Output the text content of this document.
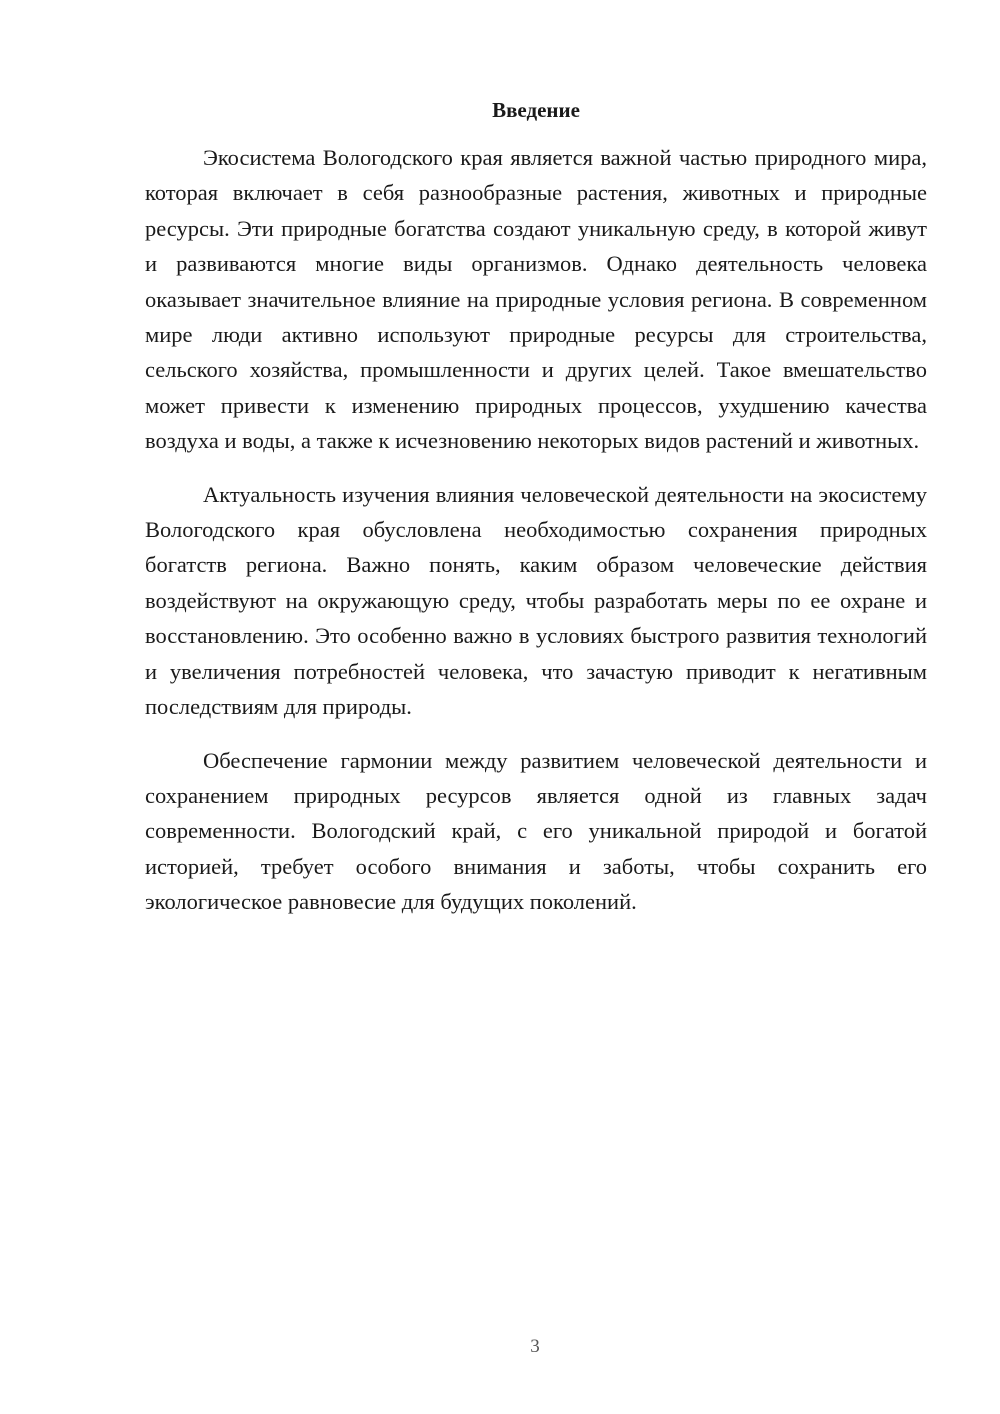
Введение

Экосистема Вологодского края является важной частью природного мира, которая включает в себя разнообразные растения, животных и природные ресурсы. Эти природные богатства создают уникальную среду, в которой живут и развиваются многие виды организмов. Однако деятельность человека оказывает значительное влияние на природные условия региона. В современном мире люди активно используют природные ресурсы для строительства, сельского хозяйства, промышленности и других целей. Такое вмешательство может привести к изменению природных процессов, ухудшению качества воздуха и воды, а также к исчезновению некоторых видов растений и животных.

Актуальность изучения влияния человеческой деятельности на экосистему Вологодского края обусловлена необходимостью сохранения природных богатств региона. Важно понять, каким образом человеческие действия воздействуют на окружающую среду, чтобы разработать меры по ее охране и восстановлению. Это особенно важно в условиях быстрого развития технологий и увеличения потребностей человека, что зачастую приводит к негативным последствиям для природы.

Обеспечение гармонии между развитием человеческой деятельности и сохранением природных ресурсов является одной из главных задач современности. Вологодский край, с его уникальной природой и богатой историей, требует особого внимания и заботы, чтобы сохранить его экологическое равновесие для будущих поколений.

3
